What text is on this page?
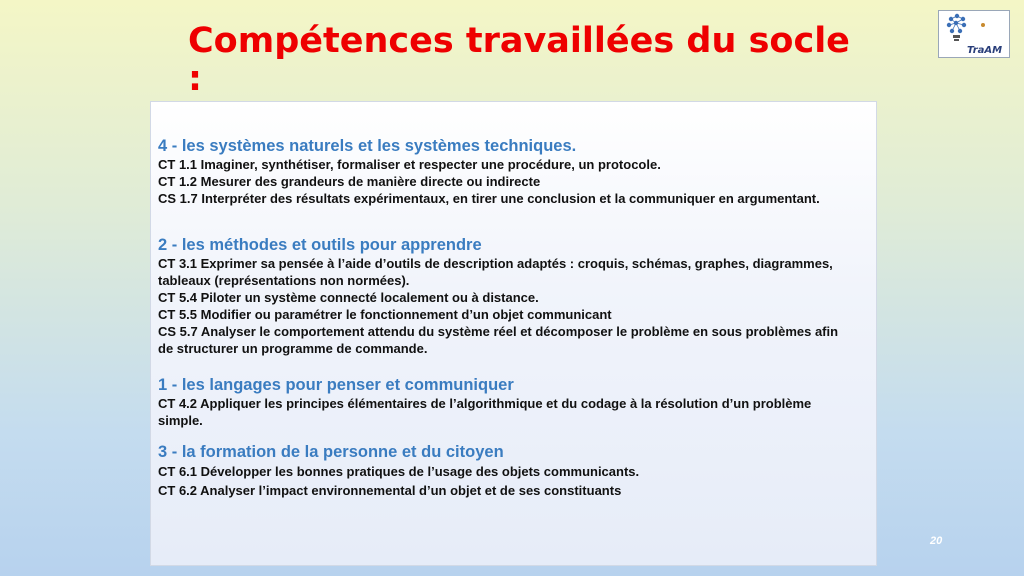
Compétences travaillées du socle :
TraAM

4 - les systèmes naturels et les systèmes techniques.

CT 1.1 Imaginer, synthétiser, formaliser et respecter une procédure, un protocole.

CT 1.2 Mesurer des grandeurs de manière directe ou indirecte

CS 1.7 Interpréter des résultats expérimentaux, en tirer une conclusion et la communiquer en argumentant.

2 - les méthodes et outils pour apprendre

CT 3.1 Exprimer sa pensée à l’aide d’outils de description adaptés : croquis, schémas, graphes, diagrammes, tableaux (représentations non normées).

CT 5.4 Piloter un système connecté localement ou à distance.

CT 5.5 Modifier ou paramétrer le fonctionnement d’un objet communicant

CS 5.7 Analyser le comportement attendu du système réel et décomposer le problème en sous problèmes afin de structurer un programme de commande.

1 - les langages pour penser et communiquer

CT 4.2 Appliquer les principes élémentaires de l’algorithmique et du codage à la résolution d’un problème simple.

3 - la formation de la personne et du citoyen

CT 6.1 Développer les bonnes pratiques de l’usage des objets communicants.

CT 6.2 Analyser l’impact environnemental d’un objet et de ses constituants

20
